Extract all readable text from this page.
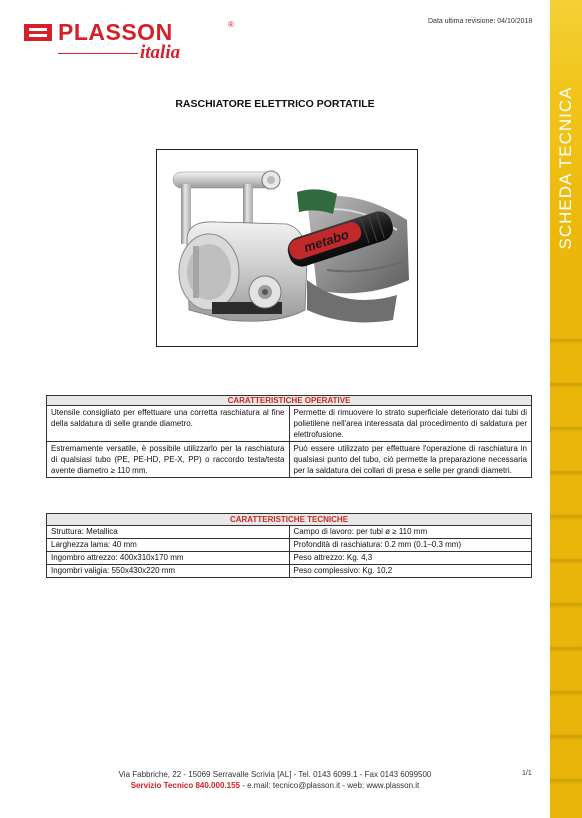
PLASSON	®
italia
Data ultima revisione: 04/10/2018
SCHEDA TECNICA
RASCHIATORE ELETTRICO PORTATILE
metabo
CARATTERISTICHE OPERATIVE	
Utensile consigliato per effettuare una corretta raschiatura al fine della saldatura di selle grande diametro.	Permette di rimuovere lo strato superficiale deteriorato dai tubi di polietilene nell'area interessata dal procedimento di saldatura per elettrofusione.
Estremamente versatile, è possibile utilizzarlo per la raschiatura di qualsiasi tubo (PE, PE-HD, PE-X, PP) o raccordo testa/testa avente diametro ≥ 110 mm.	Può essere utilizzato per effettuare l'operazione di raschiatura in qualsiasi punto del tubo, ciò permette la preparazione necessaria per la saldatura dei collari di presa e selle per grandi diametri.
CARATTERISTICHE TECNICHE	
Struttura: Metallica	Campo di lavoro: per tubi ø ≥ 110 mm
Larghezza lama: 40 mm	Profondità di raschiatura: 0.2 mm (0.1–0.3 mm)
Ingombro attrezzo: 400x310x170 mm	Peso attrezzo: Kg. 4,3
Ingombri valigia: 550x430x220 mm	Peso complessivo: Kg. 10,2
Via Fabbriche, 22 - 15069 Serravalle Scrivia [AL] - Tel. 0143 6099.1 - Fax 0143 6099500
Servizio Tecnico 840.000.155 - e.mail: tecnico@plasson.it - web: www.plasson.it
1/1
